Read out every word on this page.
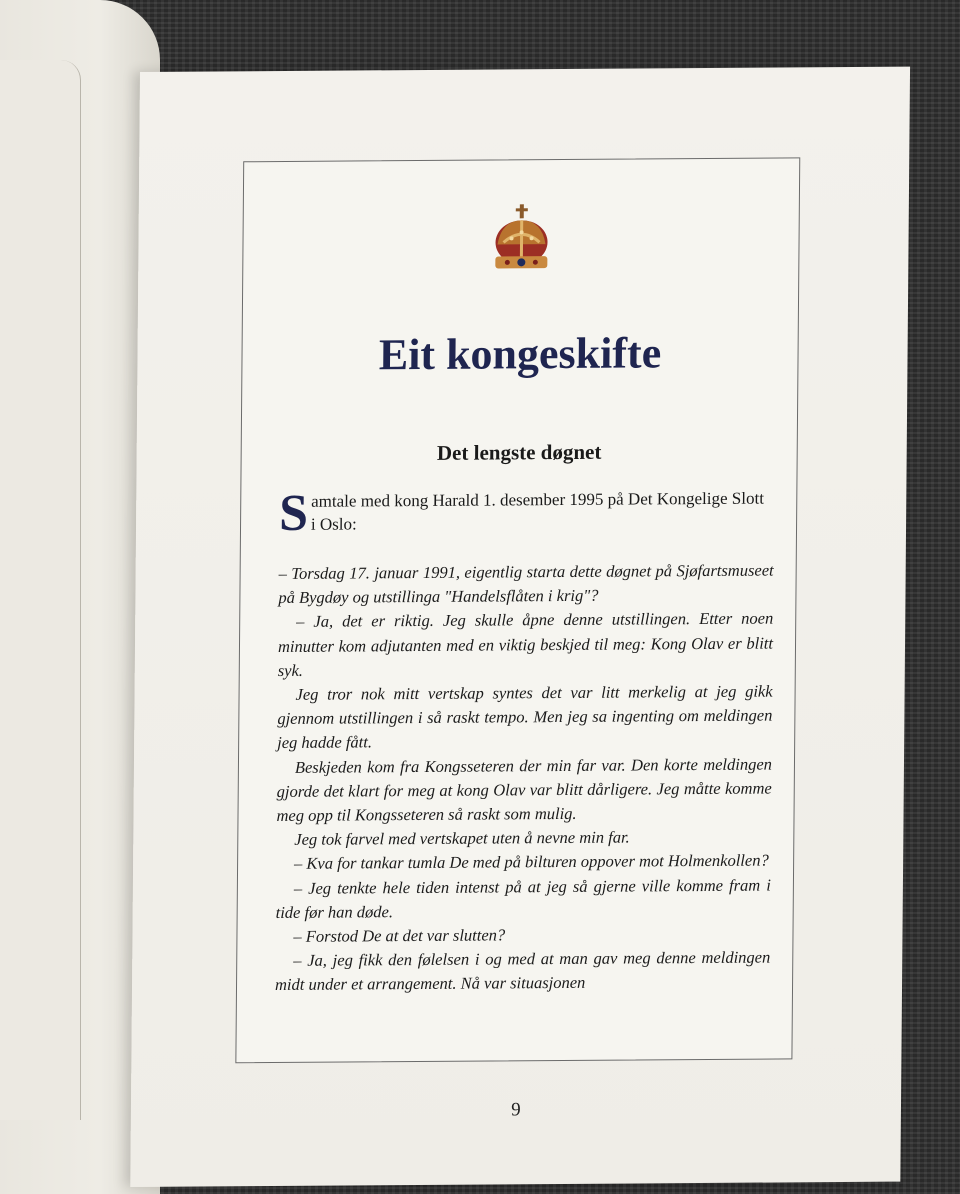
Eit kongeskifte
Det lengste døgnet
Samtale med kong Harald 1. desember 1995 på Det Kongelige Slott i Oslo:

– Torsdag 17. januar 1991, eigentlig starta dette døgnet på Sjøfartsmuseet på Bygdøy og utstillinga "Handelsflåten i krig"?

– Ja, det er riktig. Jeg skulle åpne denne utstillingen. Etter noen minutter kom adjutanten med en viktig beskjed til meg: Kong Olav er blitt syk.

Jeg tror nok mitt vertskap syntes det var litt merkelig at jeg gikk gjennom utstillingen i så raskt tempo. Men jeg sa ingenting om meldingen jeg hadde fått.

Beskjeden kom fra Kongsseteren der min far var. Den korte meldingen gjorde det klart for meg at kong Olav var blitt dårligere. Jeg måtte komme meg opp til Kongsseteren så raskt som mulig.

Jeg tok farvel med vertskapet uten å nevne min far.

– Kva for tankar tumla De med på bilturen oppover mot Holmenkollen?

– Jeg tenkte hele tiden intenst på at jeg så gjerne ville komme fram i tide før han døde.

– Forstod De at det var slutten?

– Ja, jeg fikk den følelsen i og med at man gav meg denne meldingen midt under et arrangement. Nå var situasjonen

9
